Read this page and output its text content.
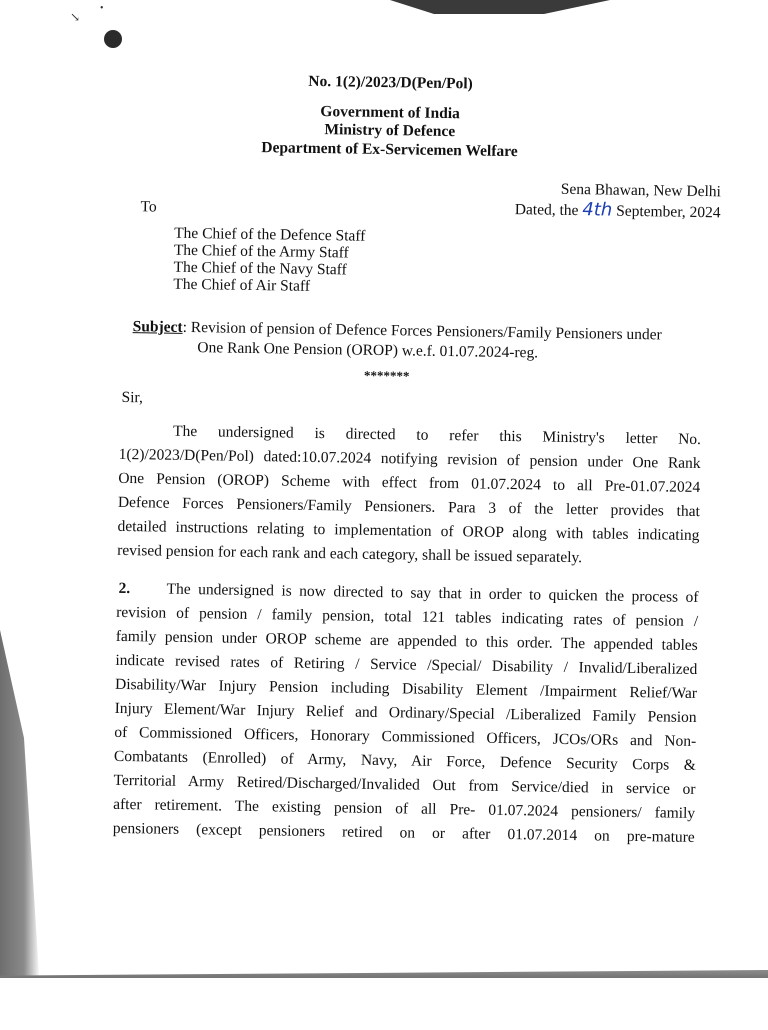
↘
•
No. 1(2)/2023/D(Pen/Pol)
Government of India
Ministry of Defence
Department of Ex-Servicemen Welfare
Sena Bhawan, New Delhi
Dated, the 4th September, 2024
To
The Chief of the Defence Staff
The Chief of the Army Staff
The Chief of the Navy Staff
The Chief of Air Staff
Subject: Revision of pension of Defence Forces Pensioners/Family Pensioners under
One Rank One Pension (OROP) w.e.f. 01.07.2024-reg.
*******
Sir,
The undersigned is directed to refer this Ministry's letter No.
1(2)/2023/D(Pen/Pol) dated:10.07.2024 notifying revision of pension under One Rank
One Pension (OROP) Scheme with effect from 01.07.2024 to all Pre-01.07.2024
Defence Forces Pensioners/Family Pensioners. Para 3 of the letter provides that
detailed instructions relating to implementation of OROP along with tables indicating
revised pension for each rank and each category, shall be issued separately.
2. The undersigned is now directed to say that in order to quicken the process of
revision of pension / family pension, total 121 tables indicating rates of pension /
family pension under OROP scheme are appended to this order. The appended tables
indicate revised rates of Retiring / Service /Special/ Disability / Invalid/Liberalized
Disability/War Injury Pension including Disability Element /Impairment Relief/War
Injury Element/War Injury Relief and Ordinary/Special /Liberalized Family Pension
of Commissioned Officers, Honorary Commissioned Officers, JCOs/ORs and Non-
Combatants (Enrolled) of Army, Navy, Air Force, Defence Security Corps &
Territorial Army Retired/Discharged/Invalided Out from Service/died in service or
after retirement. The existing pension of all Pre- 01.07.2024 pensioners/ family
pensioners (except pensioners retired on or after 01.07.2014 on pre-mature
